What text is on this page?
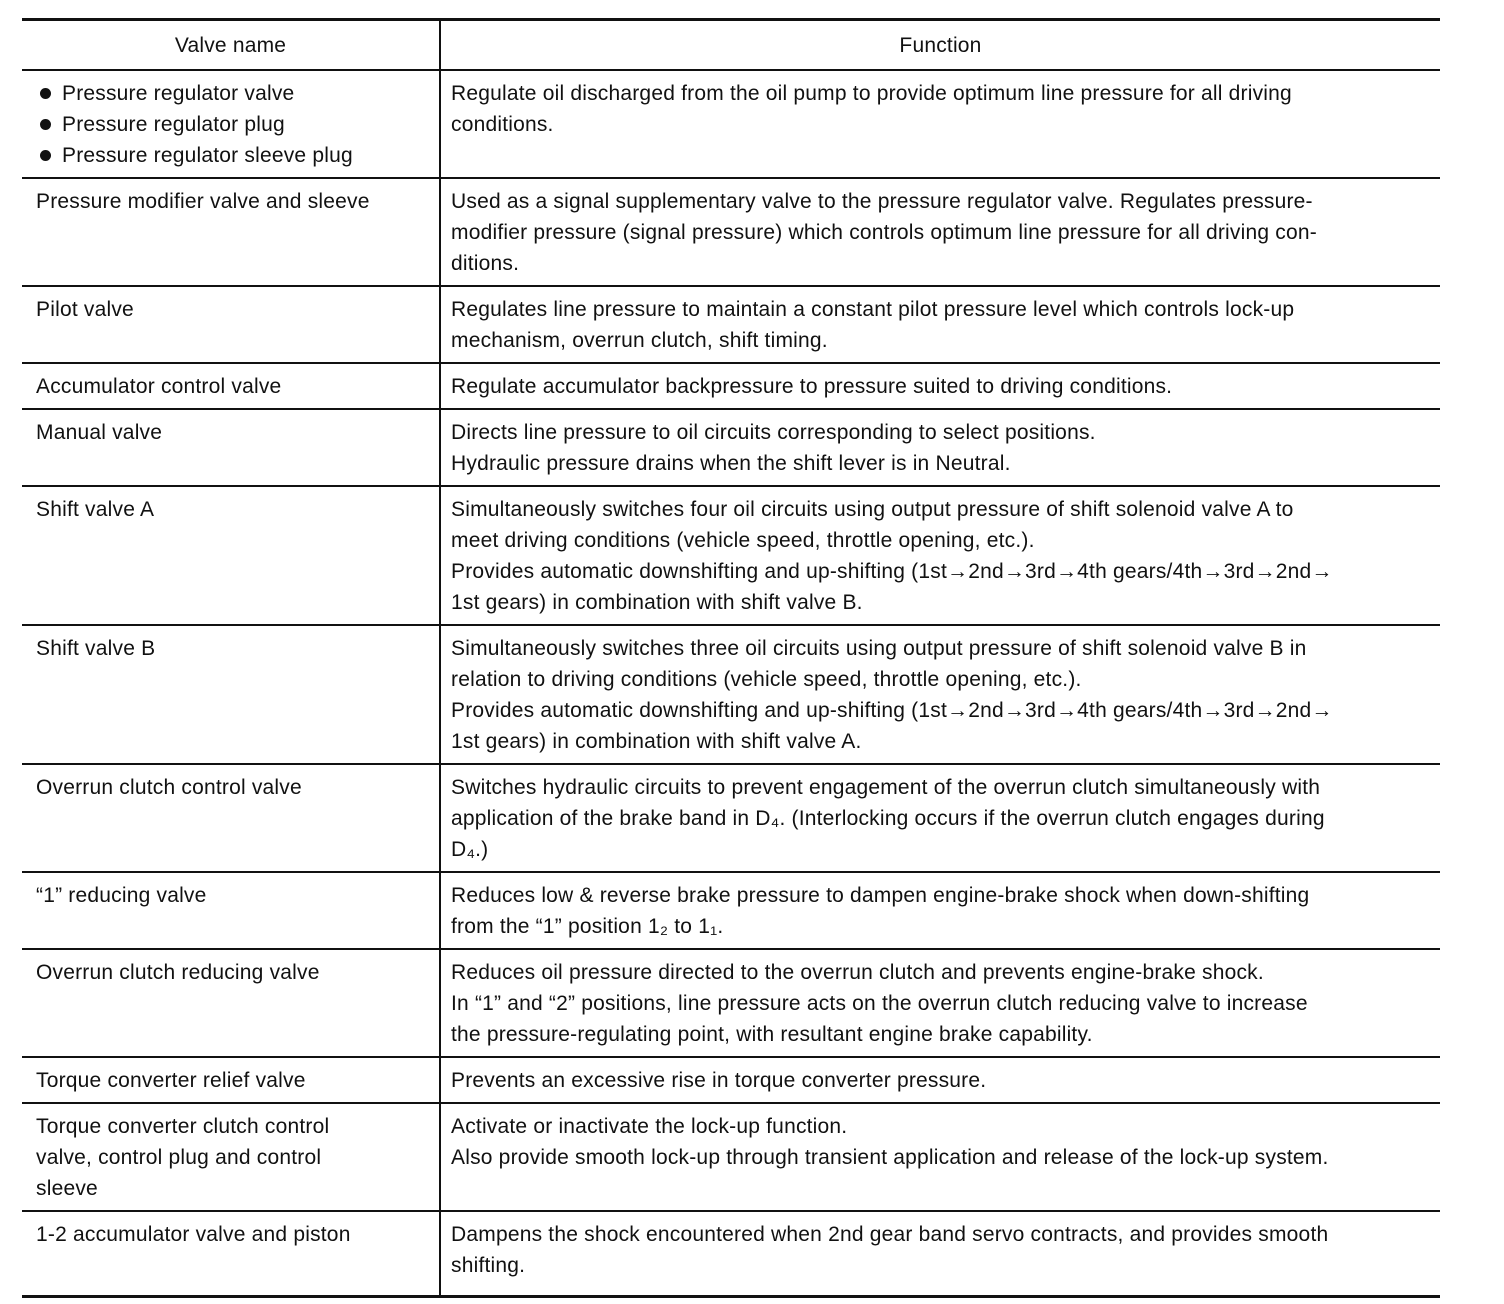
Valve name	Function

Pressure regulator valve
Pressure regulator plug
Pressure regulator sleeve plug	Regulate oil discharged from the oil pump to provide optimum line pressure for all driving
conditions.

Pressure modifier valve and sleeve	Used as a signal supplementary valve to the pressure regulator valve. Regulates pressure-
modifier pressure (signal pressure) which controls optimum line pressure for all driving con-
ditions.

Pilot valve	Regulates line pressure to maintain a constant pilot pressure level which controls lock-up
mechanism, overrun clutch, shift timing.

Accumulator control valve	Regulate accumulator backpressure to pressure suited to driving conditions.

Manual valve	Directs line pressure to oil circuits corresponding to select positions.
Hydraulic pressure drains when the shift lever is in Neutral.

Shift valve A	Simultaneously switches four oil circuits using output pressure of shift solenoid valve A to
meet driving conditions (vehicle speed, throttle opening, etc.).
Provides automatic downshifting and up-shifting (1st→2nd→3rd→4th gears/4th→3rd→2nd→
1st gears) in combination with shift valve B.

Shift valve B	Simultaneously switches three oil circuits using output pressure of shift solenoid valve B in
relation to driving conditions (vehicle speed, throttle opening, etc.).
Provides automatic downshifting and up-shifting (1st→2nd→3rd→4th gears/4th→3rd→2nd→
1st gears) in combination with shift valve A.

Overrun clutch control valve	Switches hydraulic circuits to prevent engagement of the overrun clutch simultaneously with
application of the brake band in D₄. (Interlocking occurs if the overrun clutch engages during
D₄.)

“1” reducing valve	Reduces low & reverse brake pressure to dampen engine-brake shock when down-shifting
from the “1” position 1₂ to 1₁.

Overrun clutch reducing valve	Reduces oil pressure directed to the overrun clutch and prevents engine-brake shock.
In “1” and “2” positions, line pressure acts on the overrun clutch reducing valve to increase
the pressure-regulating point, with resultant engine brake capability.

Torque converter relief valve	Prevents an excessive rise in torque converter pressure.

Torque converter clutch control
valve, control plug and control
sleeve	Activate or inactivate the lock-up function.
Also provide smooth lock-up through transient application and release of the lock-up system.

1-2 accumulator valve and piston	Dampens the shock encountered when 2nd gear band servo contracts, and provides smooth
shifting.
